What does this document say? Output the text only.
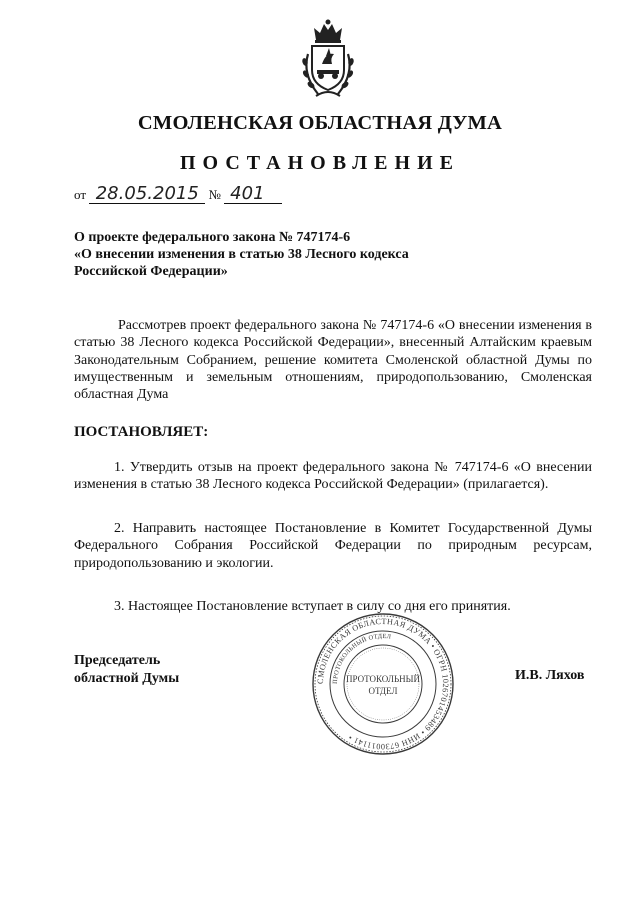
СМОЛЕНСКАЯ ОБЛАСТНАЯ ДУМА
ПОСТАНОВЛЕНИЕ
от 28.05.2015 № 401
О проекте федерального закона № 747174-6
«О внесении изменения в статью 38 Лесного кодекса
Российской Федерации»
Рассмотрев проект федерального закона № 747174-6 «О внесении изменения в статью 38 Лесного кодекса Российской Федерации», внесенный Алтайским краевым Законодательным Собранием, решение комитета Смоленской областной Думы по имущественным и земельным отношениям, природопользованию, Смоленская областная Дума
ПОСТАНОВЛЯЕТ:
1. Утвердить отзыв на проект федерального закона № 747174-6 «О внесении изменения в статью 38 Лесного кодекса Российской Федерации» (прилагается).
2. Направить настоящее Постановление в Комитет Государственной Думы Федерального Собрания Российской Федерации по природным ресурсам, природопользованию и экологии.
3. Настоящее Постановление вступает в силу со дня его принятия.
Председатель
областной Думы	И.В. Ляхов
СМОЛЕНСКАЯ ОБЛАСТНАЯ ДУМА • ОГРН 1026701453489 • ИНН 6730011141 •
ПРОТОКОЛЬНЫЙ ОТДЕЛ
ПРОТОКОЛЬНЫЙ
ОТДЕЛ
